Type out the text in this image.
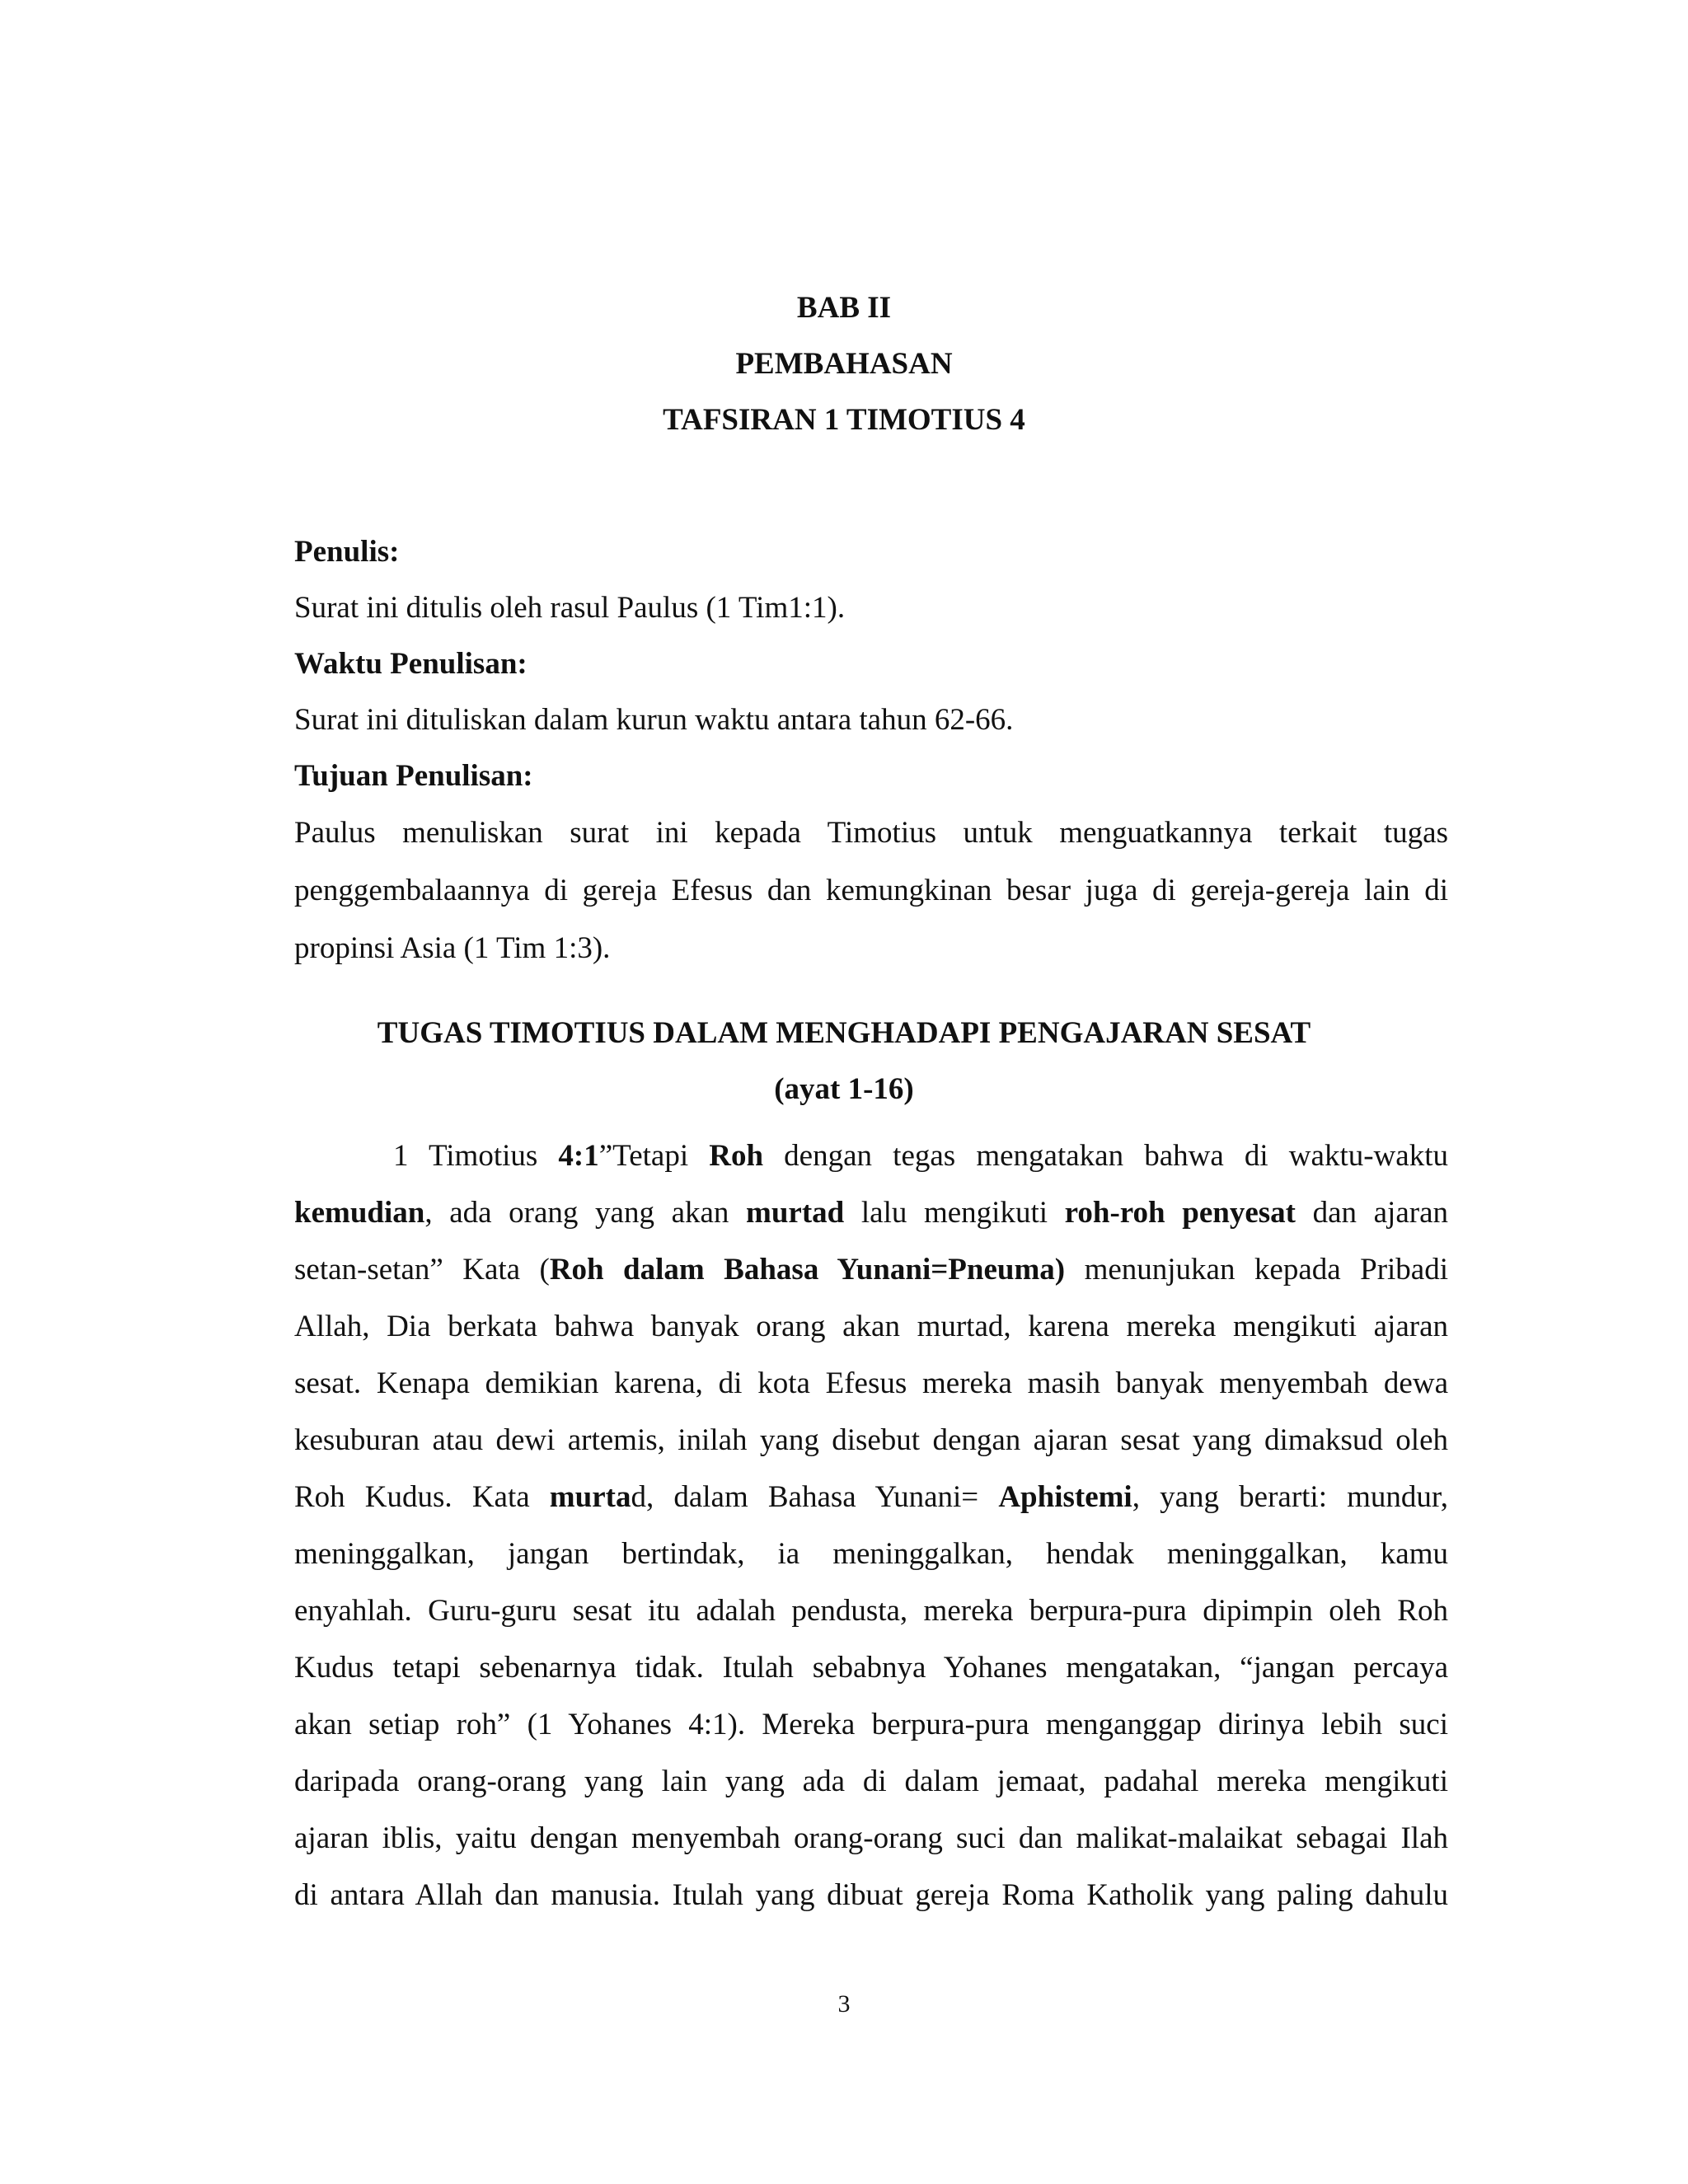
BAB II
PEMBAHASAN
TAFSIRAN 1 TIMOTIUS 4
Penulis:
Surat ini ditulis oleh rasul Paulus (1 Tim1:1).
Waktu Penulisan:
Surat ini dituliskan dalam kurun waktu antara tahun 62-66.
Tujuan Penulisan:
Paulus menuliskan surat ini kepada Timotius untuk menguatkannya terkait tugas
penggembalaannya di gereja Efesus dan kemungkinan besar juga di gereja-gereja lain di
propinsi Asia (1 Tim 1:3).
TUGAS TIMOTIUS DALAM MENGHADAPI PENGAJARAN SESAT
(ayat 1-16)
1 Timotius 4:1”Tetapi Roh dengan tegas mengatakan bahwa di waktu-waktu
kemudian, ada orang yang akan murtad lalu mengikuti roh-roh penyesat dan ajaran
setan-setan” Kata (Roh dalam Bahasa Yunani=Pneuma) menunjukan kepada Pribadi
Allah, Dia berkata bahwa banyak orang akan murtad, karena mereka mengikuti ajaran
sesat. Kenapa demikian karena, di kota Efesus mereka masih banyak menyembah dewa
kesuburan atau dewi artemis, inilah yang disebut dengan ajaran sesat yang dimaksud oleh
Roh Kudus. Kata murtad, dalam Bahasa Yunani= Aphistemi, yang berarti: mundur,
meninggalkan, jangan bertindak, ia meninggalkan, hendak meninggalkan, kamu
enyahlah. Guru-guru sesat itu adalah pendusta, mereka berpura-pura dipimpin oleh Roh
Kudus tetapi sebenarnya tidak. Itulah sebabnya Yohanes mengatakan, “jangan percaya
akan setiap roh” (1 Yohanes 4:1). Mereka berpura-pura menganggap dirinya lebih suci
daripada orang-orang yang lain yang ada di dalam jemaat, padahal mereka mengikuti
ajaran iblis, yaitu dengan menyembah orang-orang suci dan malikat-malaikat sebagai Ilah
di antara Allah dan manusia. Itulah yang dibuat gereja Roma Katholik yang paling dahulu
3
